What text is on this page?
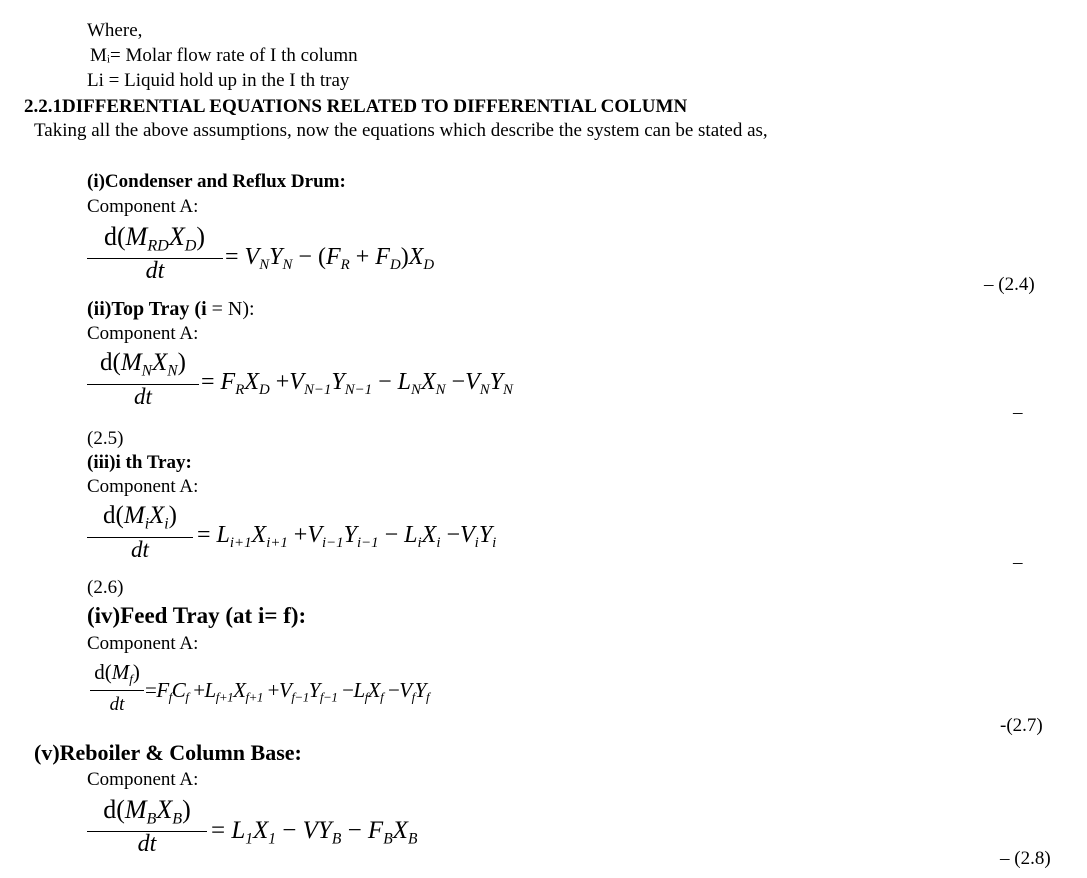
Where,
Mᵢ= Molar flow rate of I th column
Li = Liquid hold up in the I th tray
2.2.1DIFFERENTIAL EQUATIONS RELATED TO DIFFERENTIAL COLUMN
Taking all the above assumptions, now the equations which describe the system can be stated as,
(i)Condenser and Reflux Drum:
Component A:
$d(M_{RD}X_D)$
dt
= $V_NY_N - (F_R + F_D)X_D$
– (2.4)
(ii)Top Tray (i = N):
Component A:
$d(M_NX_N)$
dt
= $F_RX_D +V_{N-1}Y_{N-1} - L_NX_N -V_NY_N$
–
(2.5)
(iii)i th Tray:
Component A:
$d(M_iX_i)$
dt
= $L_{i+1}X_{i+1} +V_{i-1}Y_{i-1} - L_iX_i -V_iY_i$
–
(2.6)
(iv)Feed Tray (at i= f):
Component A:
$d(M_f)$
dt
$=F_fC_f +L_{f+1}X_{f+1} +V_{f-1}Y_{f-1} -L_fX_f -V_fY_f$
-(2.7)
(v)Reboiler & Column Base:
Component A:
$d(M_BX_B)$
dt	= $L_1X_1 - VY_B - F_BX_B$
– (2.8)
